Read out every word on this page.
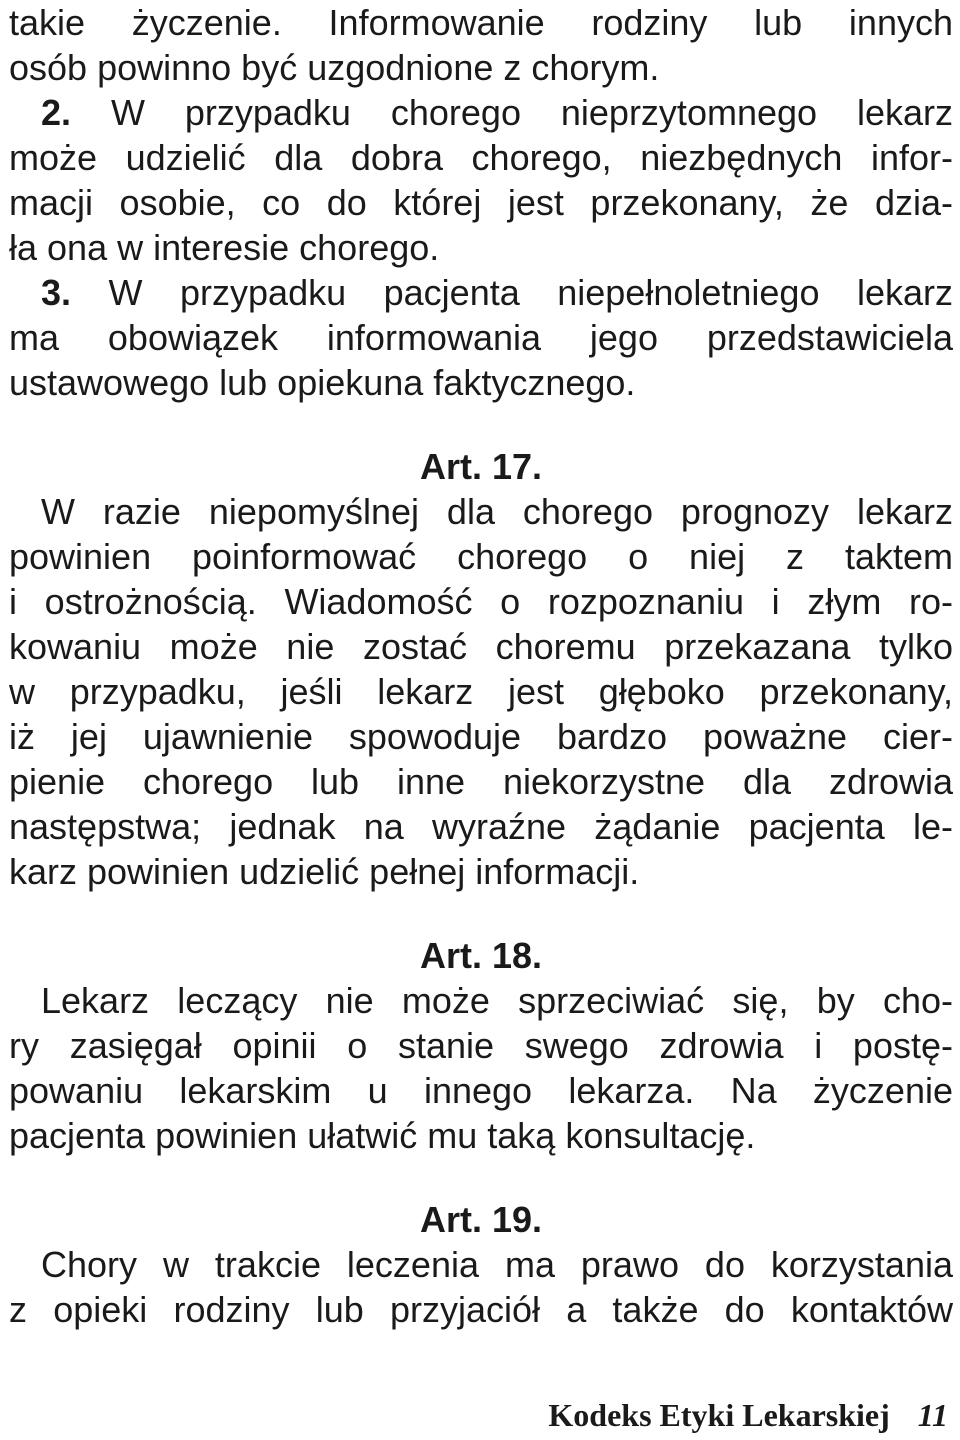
takie życzenie. Informowanie rodziny lub innych
osób powinno być uzgodnione z chorym.
2. W przypadku chorego nieprzytomnego lekarz
może udzielić dla dobra chorego, niezbędnych infor-
macji osobie, co do której jest przekonany, że dzia-
ła ona w interesie chorego.
3. W przypadku pacjenta niepełnoletniego lekarz
ma obowiązek informowania jego przedstawiciela
ustawowego lub opiekuna faktycznego.
Art. 17.
W razie niepomyślnej dla chorego prognozy lekarz
powinien poinformować chorego o niej z taktem
i ostrożnością. Wiadomość o rozpoznaniu i złym ro-
kowaniu może nie zostać choremu przekazana tylko
w przypadku, jeśli lekarz jest głęboko przekonany,
iż jej ujawnienie spowoduje bardzo poważne cier-
pienie chorego lub inne niekorzystne dla zdrowia
następstwa; jednak na wyraźne żądanie pacjenta le-
karz powinien udzielić pełnej informacji.
Art. 18.
Lekarz leczący nie może sprzeciwiać się, by cho-
ry zasięgał opinii o stanie swego zdrowia i postę-
powaniu lekarskim u innego lekarza. Na życzenie
pacjenta powinien ułatwić mu taką konsultację.
Art. 19.
Chory w trakcie leczenia ma prawo do korzystania
z opieki rodziny lub przyjaciół a także do kontaktów
Kodeks Etyki Lekarskiej 11
